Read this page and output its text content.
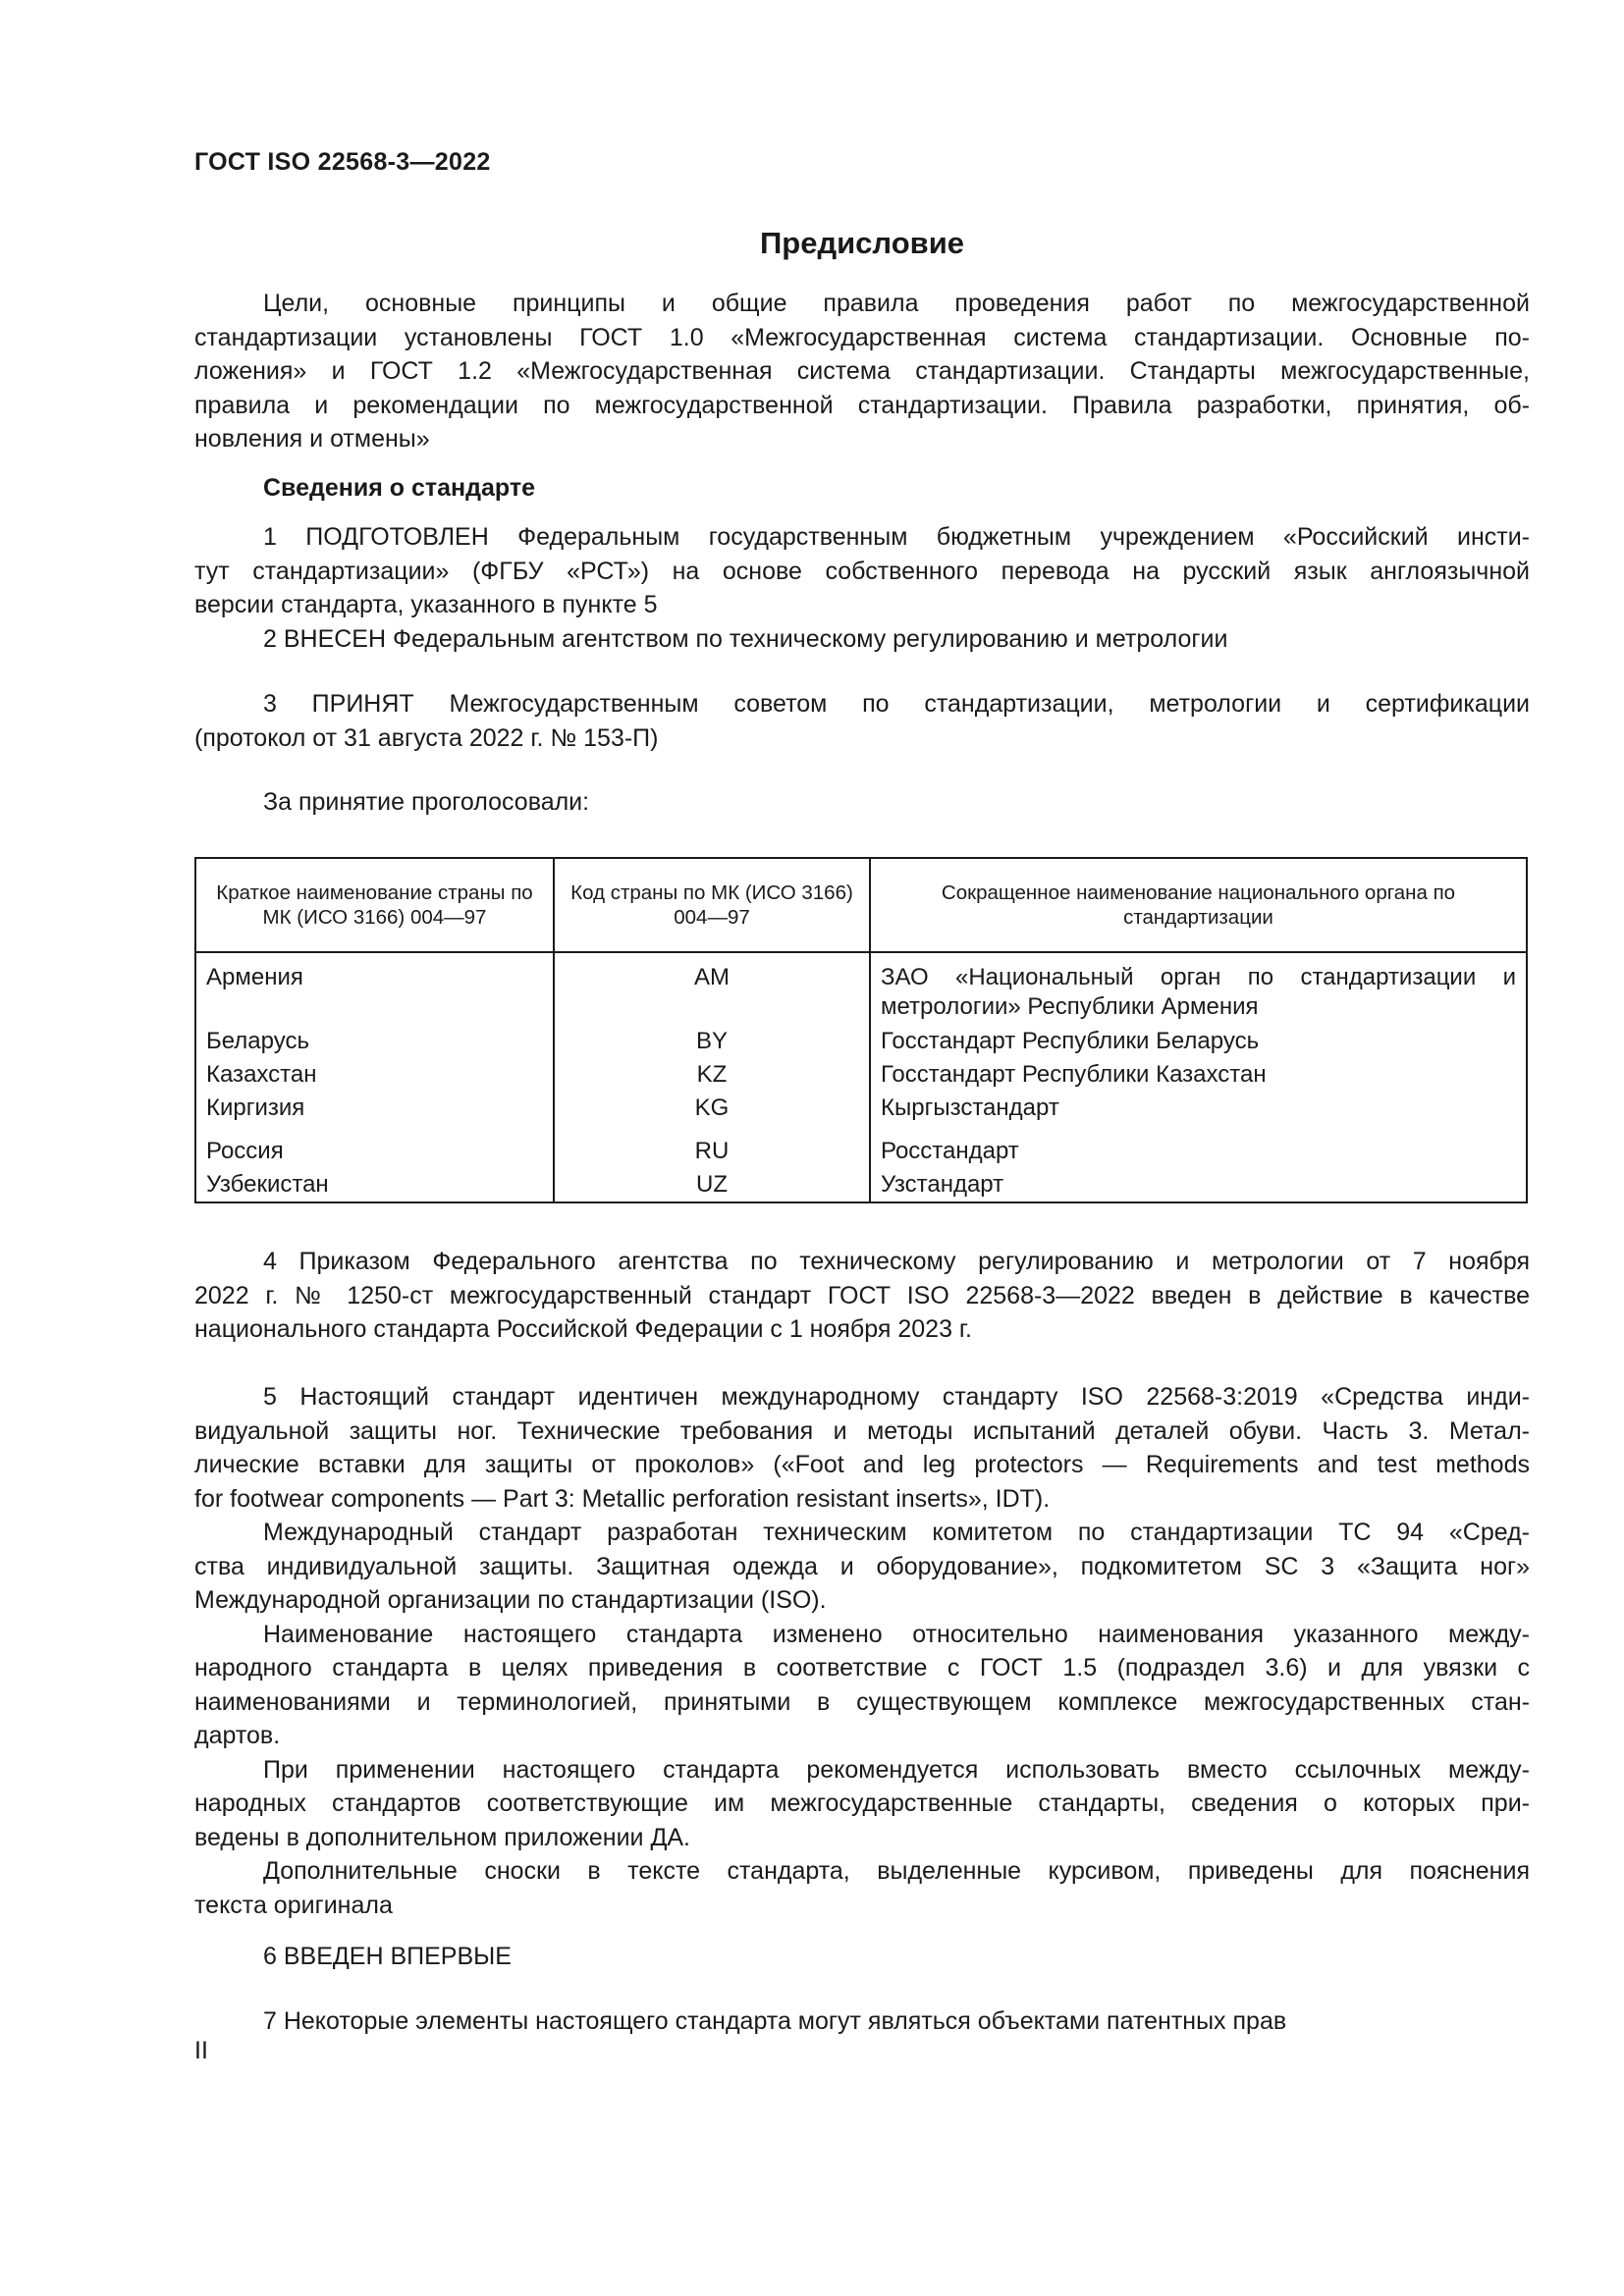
ГОСТ ISO 22568-3—2022
Предисловие
Цели, основные принципы и общие правила проведения работ по межгосударственной
стандартизации установлены ГОСТ 1.0 «Межгосударственная система стандартизации. Основные по-
ложения» и ГОСТ 1.2 «Межгосударственная система стандартизации. Стандарты межгосударственные,
правила и рекомендации по межгосударственной стандартизации. Правила разработки, принятия, об-
новления и отмены»
Сведения о стандарте
1 ПОДГОТОВЛЕН Федеральным государственным бюджетным учреждением «Российский инсти-
тут стандартизации» (ФГБУ «РСТ») на основе собственного перевода на русский язык англоязычной
версии стандарта, указанного в пункте 5
2 ВНЕСЕН Федеральным агентством по техническому регулированию и метрологии
3 ПРИНЯТ Межгосударственным советом по стандартизации, метрологии и сертификации
(протокол от 31 августа 2022 г. № 153-П)
За принятие проголосовали:
Краткое наименование страны по МК (ИСО 3166) 004—97	Код страны по МК (ИСО 3166) 004—97	Сокращенное наименование национального органа по стандартизации
Армения	AM	ЗАО «Национальный орган по стандартизации и метрологии» Республики Армения
Беларусь	BY	Госстандарт Республики Беларусь
Казахстан	KZ	Госстандарт Республики Казахстан
Киргизия	KG	Кыргызстандарт
Россия	RU	Росстандарт
Узбекистан	UZ	Узстандарт
4 Приказом Федерального агентства по техническому регулированию и метрологии от 7 ноября
2022 г. № 1250-ст межгосударственный стандарт ГОСТ ISO 22568-3—2022 введен в действие в качестве
национального стандарта Российской Федерации с 1 ноября 2023 г.
5 Настоящий стандарт идентичен международному стандарту ISO 22568-3:2019 «Средства инди-
видуальной защиты ног. Технические требования и методы испытаний деталей обуви. Часть 3. Метал-
лические вставки для защиты от проколов» («Foot and leg protectors — Requirements and test methods
for footwear components — Part 3: Metallic perforation resistant inserts», IDT).
Международный стандарт разработан техническим комитетом по стандартизации TC 94 «Сред-
ства индивидуальной защиты. Защитная одежда и оборудование», подкомитетом SC 3 «Защита ног»
Международной организации по стандартизации (ISO).
Наименование настоящего стандарта изменено относительно наименования указанного между-
народного стандарта в целях приведения в соответствие с ГОСТ 1.5 (подраздел 3.6) и для увязки с
наименованиями и терминологией, принятыми в существующем комплексе межгосударственных стан-
дартов.
При применении настоящего стандарта рекомендуется использовать вместо ссылочных между-
народных стандартов соответствующие им межгосударственные стандарты, сведения о которых при-
ведены в дополнительном приложении ДА.
Дополнительные сноски в тексте стандарта, выделенные курсивом, приведены для пояснения
текста оригинала
6 ВВЕДЕН ВПЕРВЫЕ
7 Некоторые элементы настоящего стандарта могут являться объектами патентных прав
II
